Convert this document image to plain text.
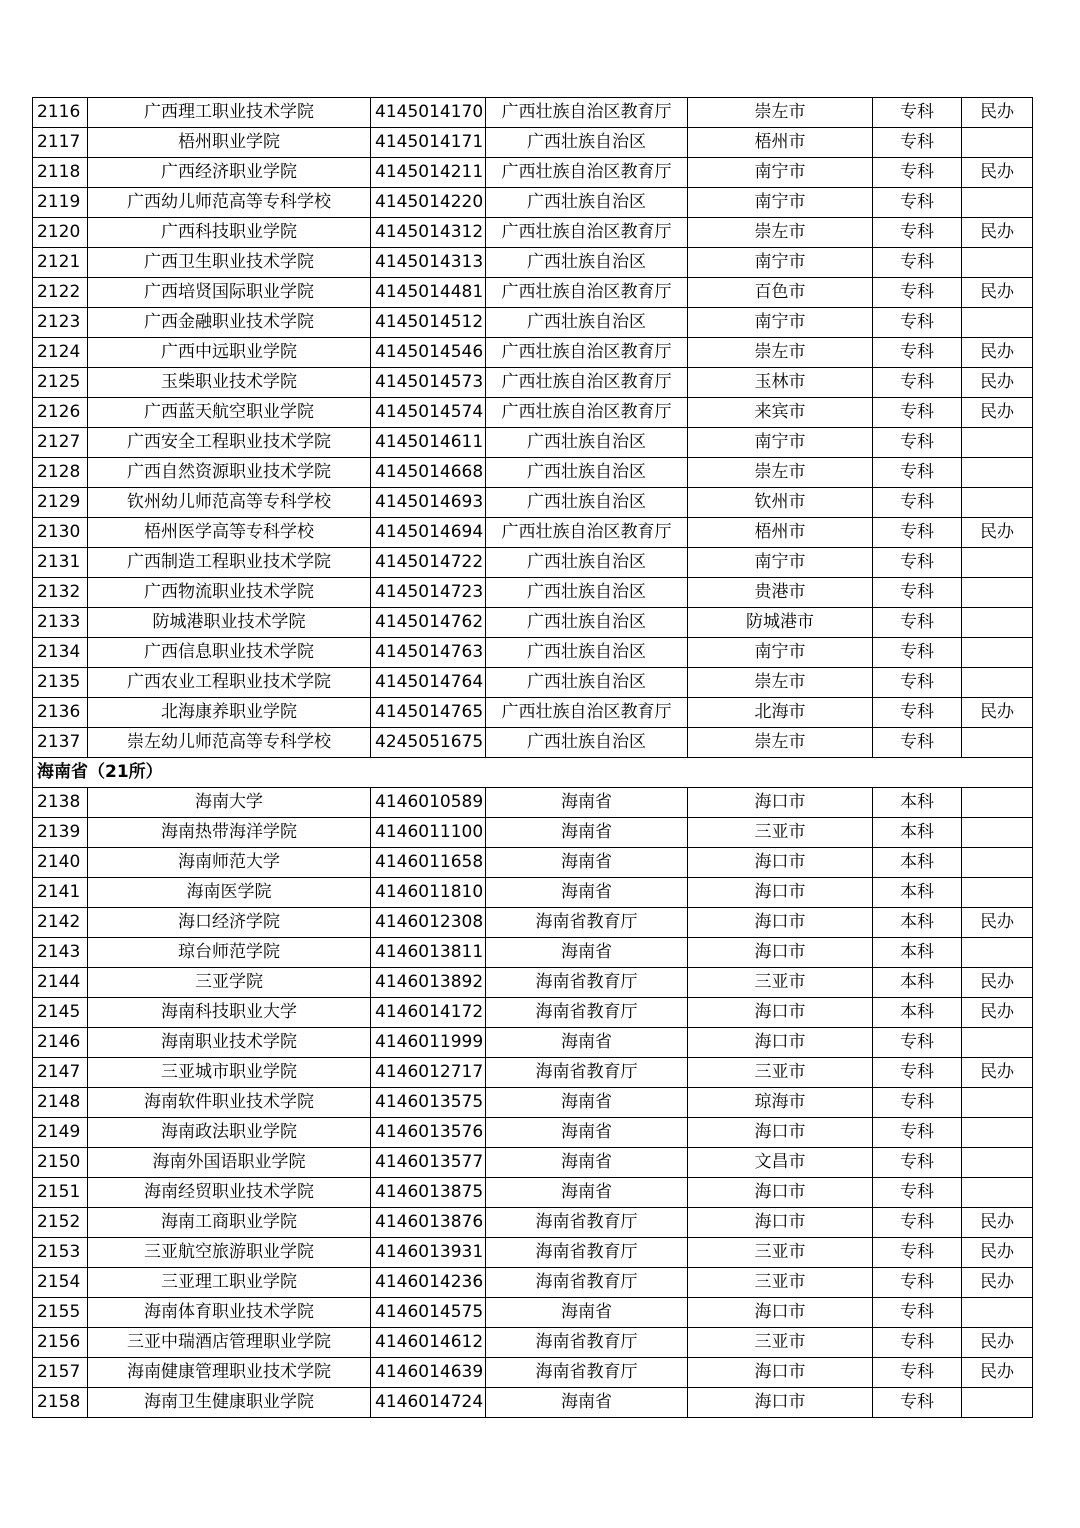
2116	广西理工职业技术学院	4145014170	广西壮族自治区教育厅	崇左市	专科	民办
2117	梧州职业学院	4145014171	广西壮族自治区	梧州市	专科	
2118	广西经济职业学院	4145014211	广西壮族自治区教育厅	南宁市	专科	民办
2119	广西幼儿师范高等专科学校	4145014220	广西壮族自治区	南宁市	专科	
2120	广西科技职业学院	4145014312	广西壮族自治区教育厅	崇左市	专科	民办
2121	广西卫生职业技术学院	4145014313	广西壮族自治区	南宁市	专科	
2122	广西培贤国际职业学院	4145014481	广西壮族自治区教育厅	百色市	专科	民办
2123	广西金融职业技术学院	4145014512	广西壮族自治区	南宁市	专科	
2124	广西中远职业学院	4145014546	广西壮族自治区教育厅	崇左市	专科	民办
2125	玉柴职业技术学院	4145014573	广西壮族自治区教育厅	玉林市	专科	民办
2126	广西蓝天航空职业学院	4145014574	广西壮族自治区教育厅	来宾市	专科	民办
2127	广西安全工程职业技术学院	4145014611	广西壮族自治区	南宁市	专科	
2128	广西自然资源职业技术学院	4145014668	广西壮族自治区	崇左市	专科	
2129	钦州幼儿师范高等专科学校	4145014693	广西壮族自治区	钦州市	专科	
2130	梧州医学高等专科学校	4145014694	广西壮族自治区教育厅	梧州市	专科	民办
2131	广西制造工程职业技术学院	4145014722	广西壮族自治区	南宁市	专科	
2132	广西物流职业技术学院	4145014723	广西壮族自治区	贵港市	专科	
2133	防城港职业技术学院	4145014762	广西壮族自治区	防城港市	专科	
2134	广西信息职业技术学院	4145014763	广西壮族自治区	南宁市	专科	
2135	广西农业工程职业技术学院	4145014764	广西壮族自治区	崇左市	专科	
2136	北海康养职业学院	4145014765	广西壮族自治区教育厅	北海市	专科	民办
2137	崇左幼儿师范高等专科学校	4245051675	广西壮族自治区	崇左市	专科	
海南省（21所）						
2138	海南大学	4146010589	海南省	海口市	本科	
2139	海南热带海洋学院	4146011100	海南省	三亚市	本科	
2140	海南师范大学	4146011658	海南省	海口市	本科	
2141	海南医学院	4146011810	海南省	海口市	本科	
2142	海口经济学院	4146012308	海南省教育厅	海口市	本科	民办
2143	琼台师范学院	4146013811	海南省	海口市	本科	
2144	三亚学院	4146013892	海南省教育厅	三亚市	本科	民办
2145	海南科技职业大学	4146014172	海南省教育厅	海口市	本科	民办
2146	海南职业技术学院	4146011999	海南省	海口市	专科	
2147	三亚城市职业学院	4146012717	海南省教育厅	三亚市	专科	民办
2148	海南软件职业技术学院	4146013575	海南省	琼海市	专科	
2149	海南政法职业学院	4146013576	海南省	海口市	专科	
2150	海南外国语职业学院	4146013577	海南省	文昌市	专科	
2151	海南经贸职业技术学院	4146013875	海南省	海口市	专科	
2152	海南工商职业学院	4146013876	海南省教育厅	海口市	专科	民办
2153	三亚航空旅游职业学院	4146013931	海南省教育厅	三亚市	专科	民办
2154	三亚理工职业学院	4146014236	海南省教育厅	三亚市	专科	民办
2155	海南体育职业技术学院	4146014575	海南省	海口市	专科	
2156	三亚中瑞酒店管理职业学院	4146014612	海南省教育厅	三亚市	专科	民办
2157	海南健康管理职业技术学院	4146014639	海南省教育厅	海口市	专科	民办
2158	海南卫生健康职业学院	4146014724	海南省	海口市	专科	
